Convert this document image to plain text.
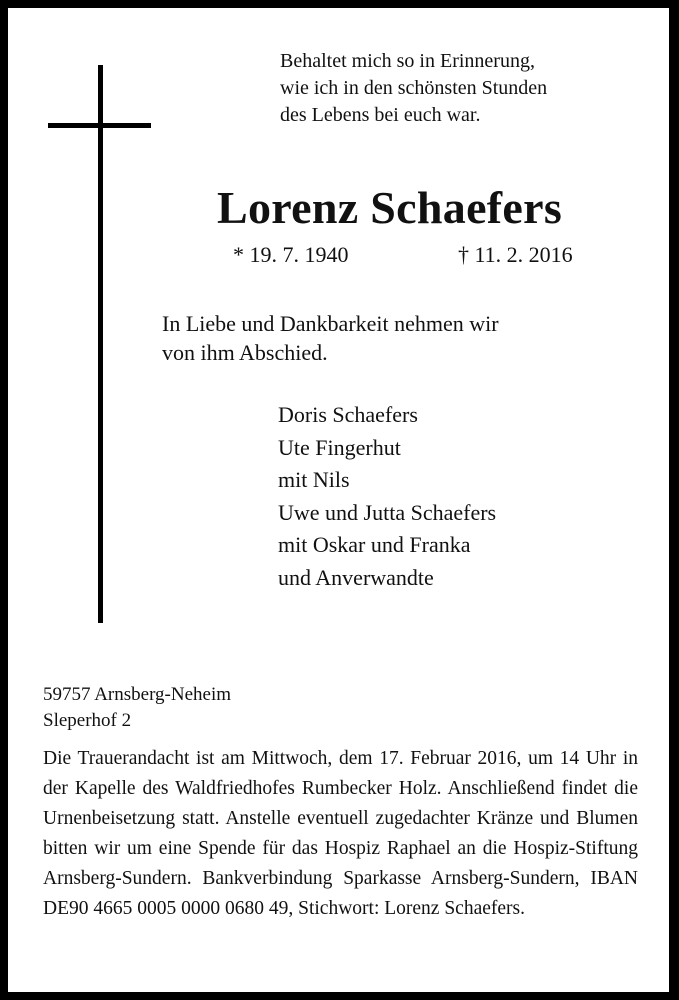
Behaltet mich so in Erinnerung,
wie ich in den schönsten Stunden
des Lebens bei euch war.
Lorenz Schaefers
* 19. 7. 1940	† 11. 2. 2016
In Liebe und Dankbarkeit nehmen wir
von ihm Abschied.
Doris Schaefers
Ute Fingerhut
mit Nils
Uwe und Jutta Schaefers
mit Oskar und Franka
und Anverwandte
59757 Arnsberg-Neheim
Sleperhof 2
Die Trauerandacht ist am Mittwoch, dem 17. Februar 2016, um 14 Uhr in der Kapelle des Waldfriedhofes Rumbecker Holz. Anschließend findet die Urnenbeisetzung statt. Anstelle eventuell zugedachter Kränze und Blumen bitten wir um eine Spende für das Hospiz Raphael an die Hospiz-Stiftung Arnsberg-Sundern. Bankverbindung Sparkasse Arnsberg-Sundern, IBAN DE90 4665 0005 0000 0680 49, Stichwort: Lorenz Schaefers.
